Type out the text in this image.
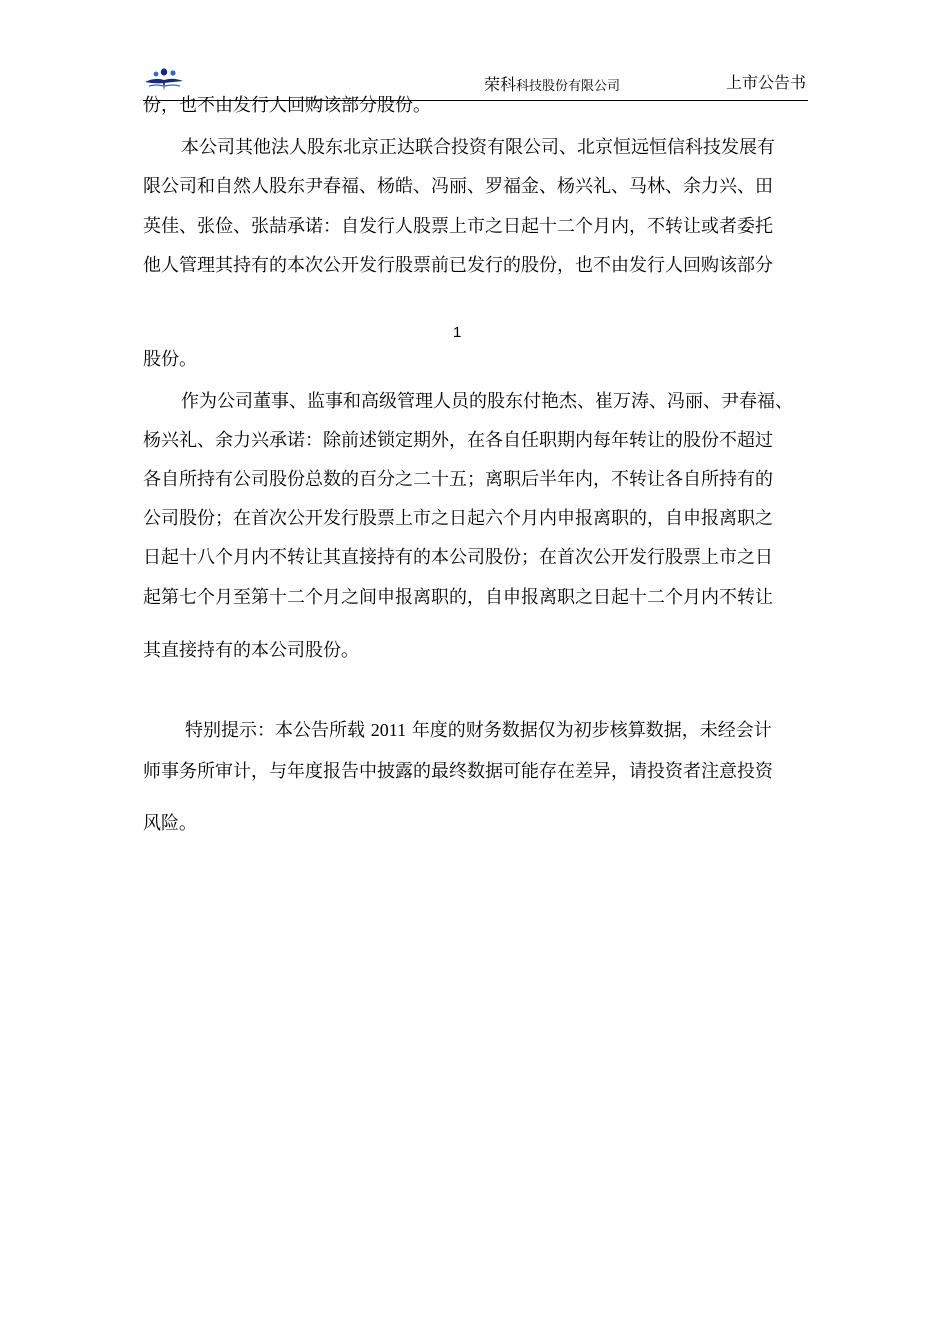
荣科科技股份有限公司	上市公告书
份，也不由发行人回购该部分股份。
本公司其他法人股东北京正达联合投资有限公司、北京恒远恒信科技发展有
限公司和自然人股东尹春福、杨皓、冯丽、罗福金、杨兴礼、马林、余力兴、田
英佳、张俭、张喆承诺：自发行人股票上市之日起十二个月内，不转让或者委托
他人管理其持有的本次公开发行股票前已发行的股份，也不由发行人回购该部分
1
股份。
作为公司董事、监事和高级管理人员的股东付艳杰、崔万涛、冯丽、尹春福、
杨兴礼、余力兴承诺：除前述锁定期外，在各自任职期内每年转让的股份不超过
各自所持有公司股份总数的百分之二十五；离职后半年内，不转让各自所持有的
公司股份；在首次公开发行股票上市之日起六个月内申报离职的，自申报离职之
日起十八个月内不转让其直接持有的本公司股份；在首次公开发行股票上市之日
起第七个月至第十二个月之间申报离职的，自申报离职之日起十二个月内不转让
其直接持有的本公司股份。
特别提示：本公告所载 2011 年度的财务数据仅为初步核算数据，未经会计
师事务所审计，与年度报告中披露的最终数据可能存在差异，请投资者注意投资
风险。
